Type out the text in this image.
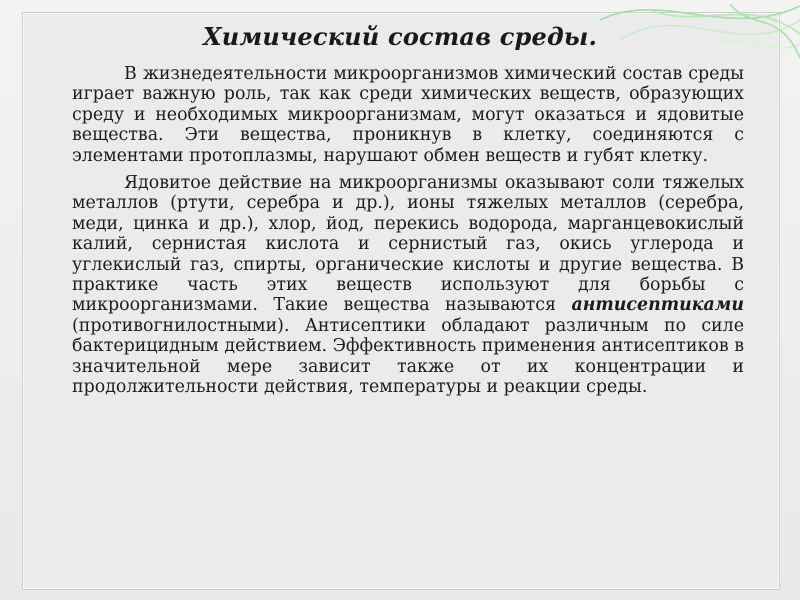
Химический состав среды.

В жизнедеятельности микроорганизмов химический состав среды играет важную роль, так как среди химических веществ, образующих среду и необходимых микроорганизмам, могут оказаться и ядовитые вещества. Эти вещества, проникнув в клетку, соединяются с элементами протоплазмы, нарушают обмен веществ и губят клетку.

Ядовитое действие на микроорганизмы оказывают соли тяжелых металлов (ртути, серебра и др.), ионы тяжелых металлов (серебра, меди, цинка и др.), хлор, йод, перекись водорода, марганцевокислый калий, сернистая кислота и сернистый газ, окись углерода и углекислый газ, спирты, органические кислоты и другие вещества. В практике часть этих веществ используют для борьбы с микроорганизмами. Такие вещества называются антисептиками (противогнилостными). Антисептики обладают различным по силе бактерицидным действием. Эффективность применения антисептиков в значительной мере зависит также от их концентрации и продолжительности действия, температуры и реакции среды.
